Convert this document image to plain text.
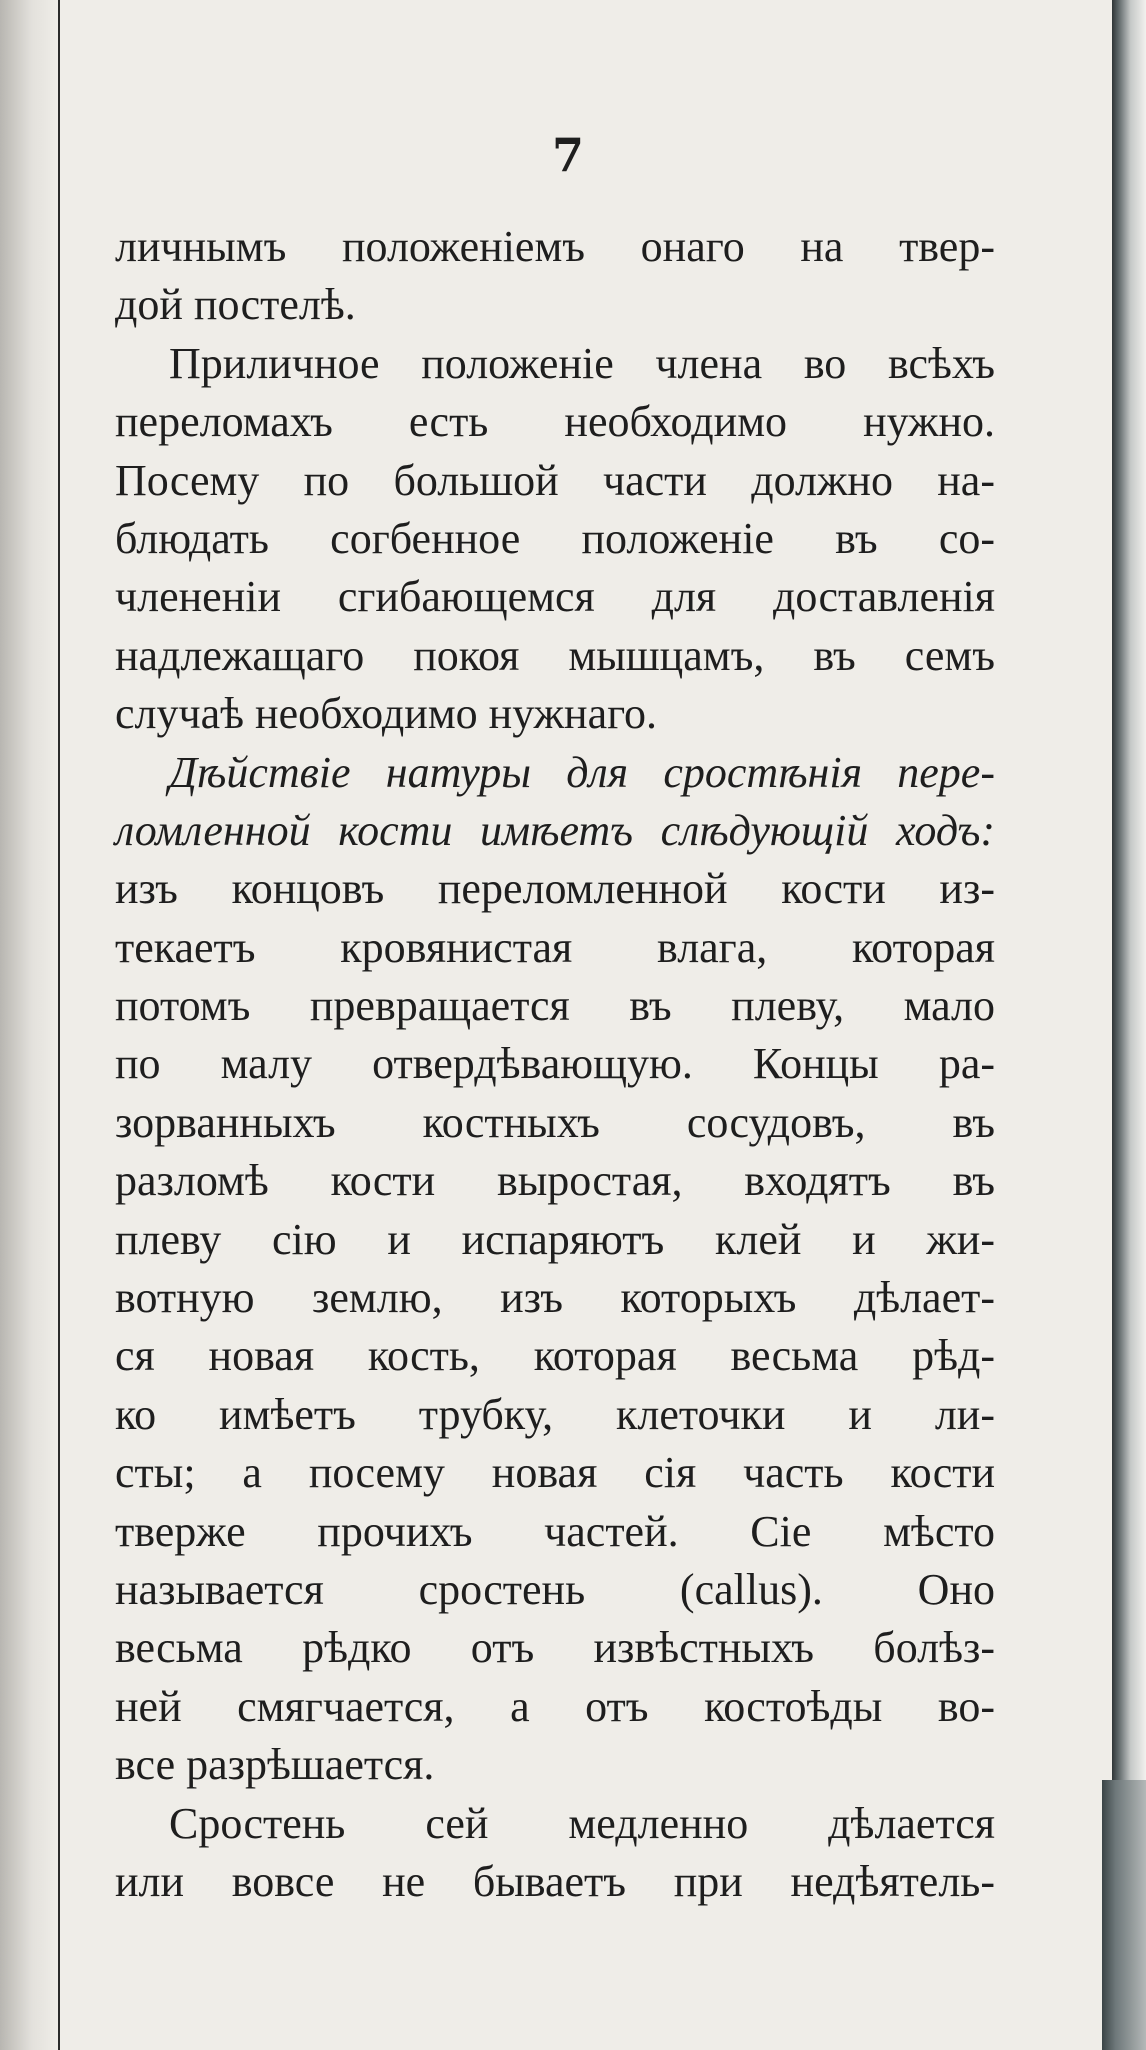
7
личнымъ положеніемъ онаго на твер-
дой постелѣ.
Приличное положеніе члена во всѣхъ
переломахъ есть необходимо нужно.
Посему по большой части должно на-
блюдать согбенное положеніе въ со-
члененіи сгибающемся для доставленія
надлежащаго покоя мышцамъ, въ семъ
случаѣ необходимо нужнаго.
Дѣйствіе натуры для сростѣнія пере-
ломленной кости имѣетъ слѣдующій ходъ:
изъ концовъ переломленной кости из-
текаетъ кровянистая влага, которая
потомъ превращается въ плеву, мало
по малу отвердѣвающую. Концы ра-
зорванныхъ костныхъ сосудовъ, въ
разломѣ кости выростая, входятъ въ
плеву сію и испаряютъ клей и жи-
вотную землю, изъ которыхъ дѣлает-
ся новая кость, которая весьма рѣд-
ко имѣетъ трубку, клеточки и ли-
сты; а посему новая сія часть кости
тверже прочихъ частей. Сіе мѣсто
называется сростень (callus). Оно
весьма рѣдко отъ извѣстныхъ болѣз-
ней смягчается, а отъ костоѣды во-
все разрѣшается.
Сростень сей медленно дѣлается
или вовсе не бываетъ при недѣятель-
